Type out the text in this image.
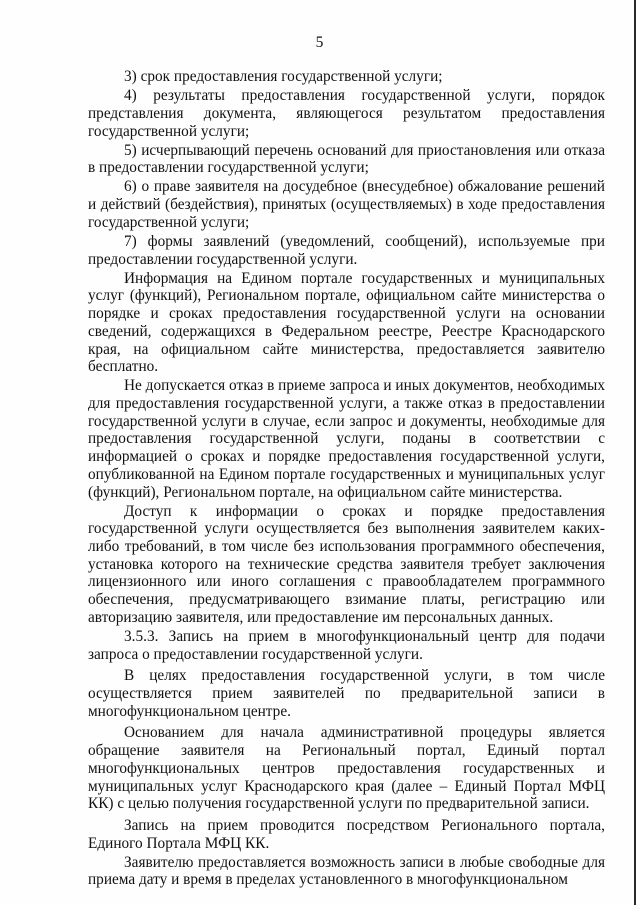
5

3) срок предоставления государственной услуги;

4) результаты предоставления государственной услуги, порядок представления документа, являющегося результатом предоставления государственной услуги;

5) исчерпывающий перечень оснований для приостановления или отказа в предоставлении государственной услуги;

6) о праве заявителя на досудебное (внесудебное) обжалование решений и действий (бездействия), принятых (осуществляемых) в ходе предоставления государственной услуги;

7) формы заявлений (уведомлений, сообщений), используемые при предоставлении государственной услуги.

Информация на Едином портале государственных и муниципальных услуг (функций), Региональном портале, официальном сайте министерства о порядке и сроках предоставления государственной услуги на основании сведений, содержащихся в Федеральном реестре, Реестре Краснодарского края, на официальном сайте министерства, предоставляется заявителю бесплатно.

Не допускается отказ в приеме запроса и иных документов, необходимых для предоставления государственной услуги, а также отказ в предоставлении государственной услуги в случае, если запрос и документы, необходимые для предоставления государственной услуги, поданы в соответствии с информацией о сроках и порядке предоставления государственной услуги, опубликованной на Едином портале государственных и муниципальных услуг (функций), Региональном портале, на официальном сайте министерства.

Доступ к информации о сроках и порядке предоставления государственной услуги осуществляется без выполнения заявителем каких-либо требований, в том числе без использования программного обеспечения, установка которого на технические средства заявителя требует заключения лицензионного или иного соглашения с правообладателем программного обеспечения, предусматривающего взимание платы, регистрацию или авторизацию заявителя, или предоставление им персональных данных.

3.5.3. Запись на прием в многофункциональный центр для подачи запроса о предоставлении государственной услуги.

В целях предоставления государственной услуги, в том числе осуществляется прием заявителей по предварительной записи в многофункциональном центре.

Основанием для начала административной процедуры является обращение заявителя на Региональный портал, Единый портал многофункциональных центров предоставления государственных и муниципальных услуг Краснодарского края (далее – Единый Портал МФЦ КК) с целью получения государственной услуги по предварительной записи.

Запись на прием проводится посредством Регионального портала, Единого Портала МФЦ КК.

Заявителю предоставляется возможность записи в любые свободные для приема дату и время в пределах установленного в многофункциональном
